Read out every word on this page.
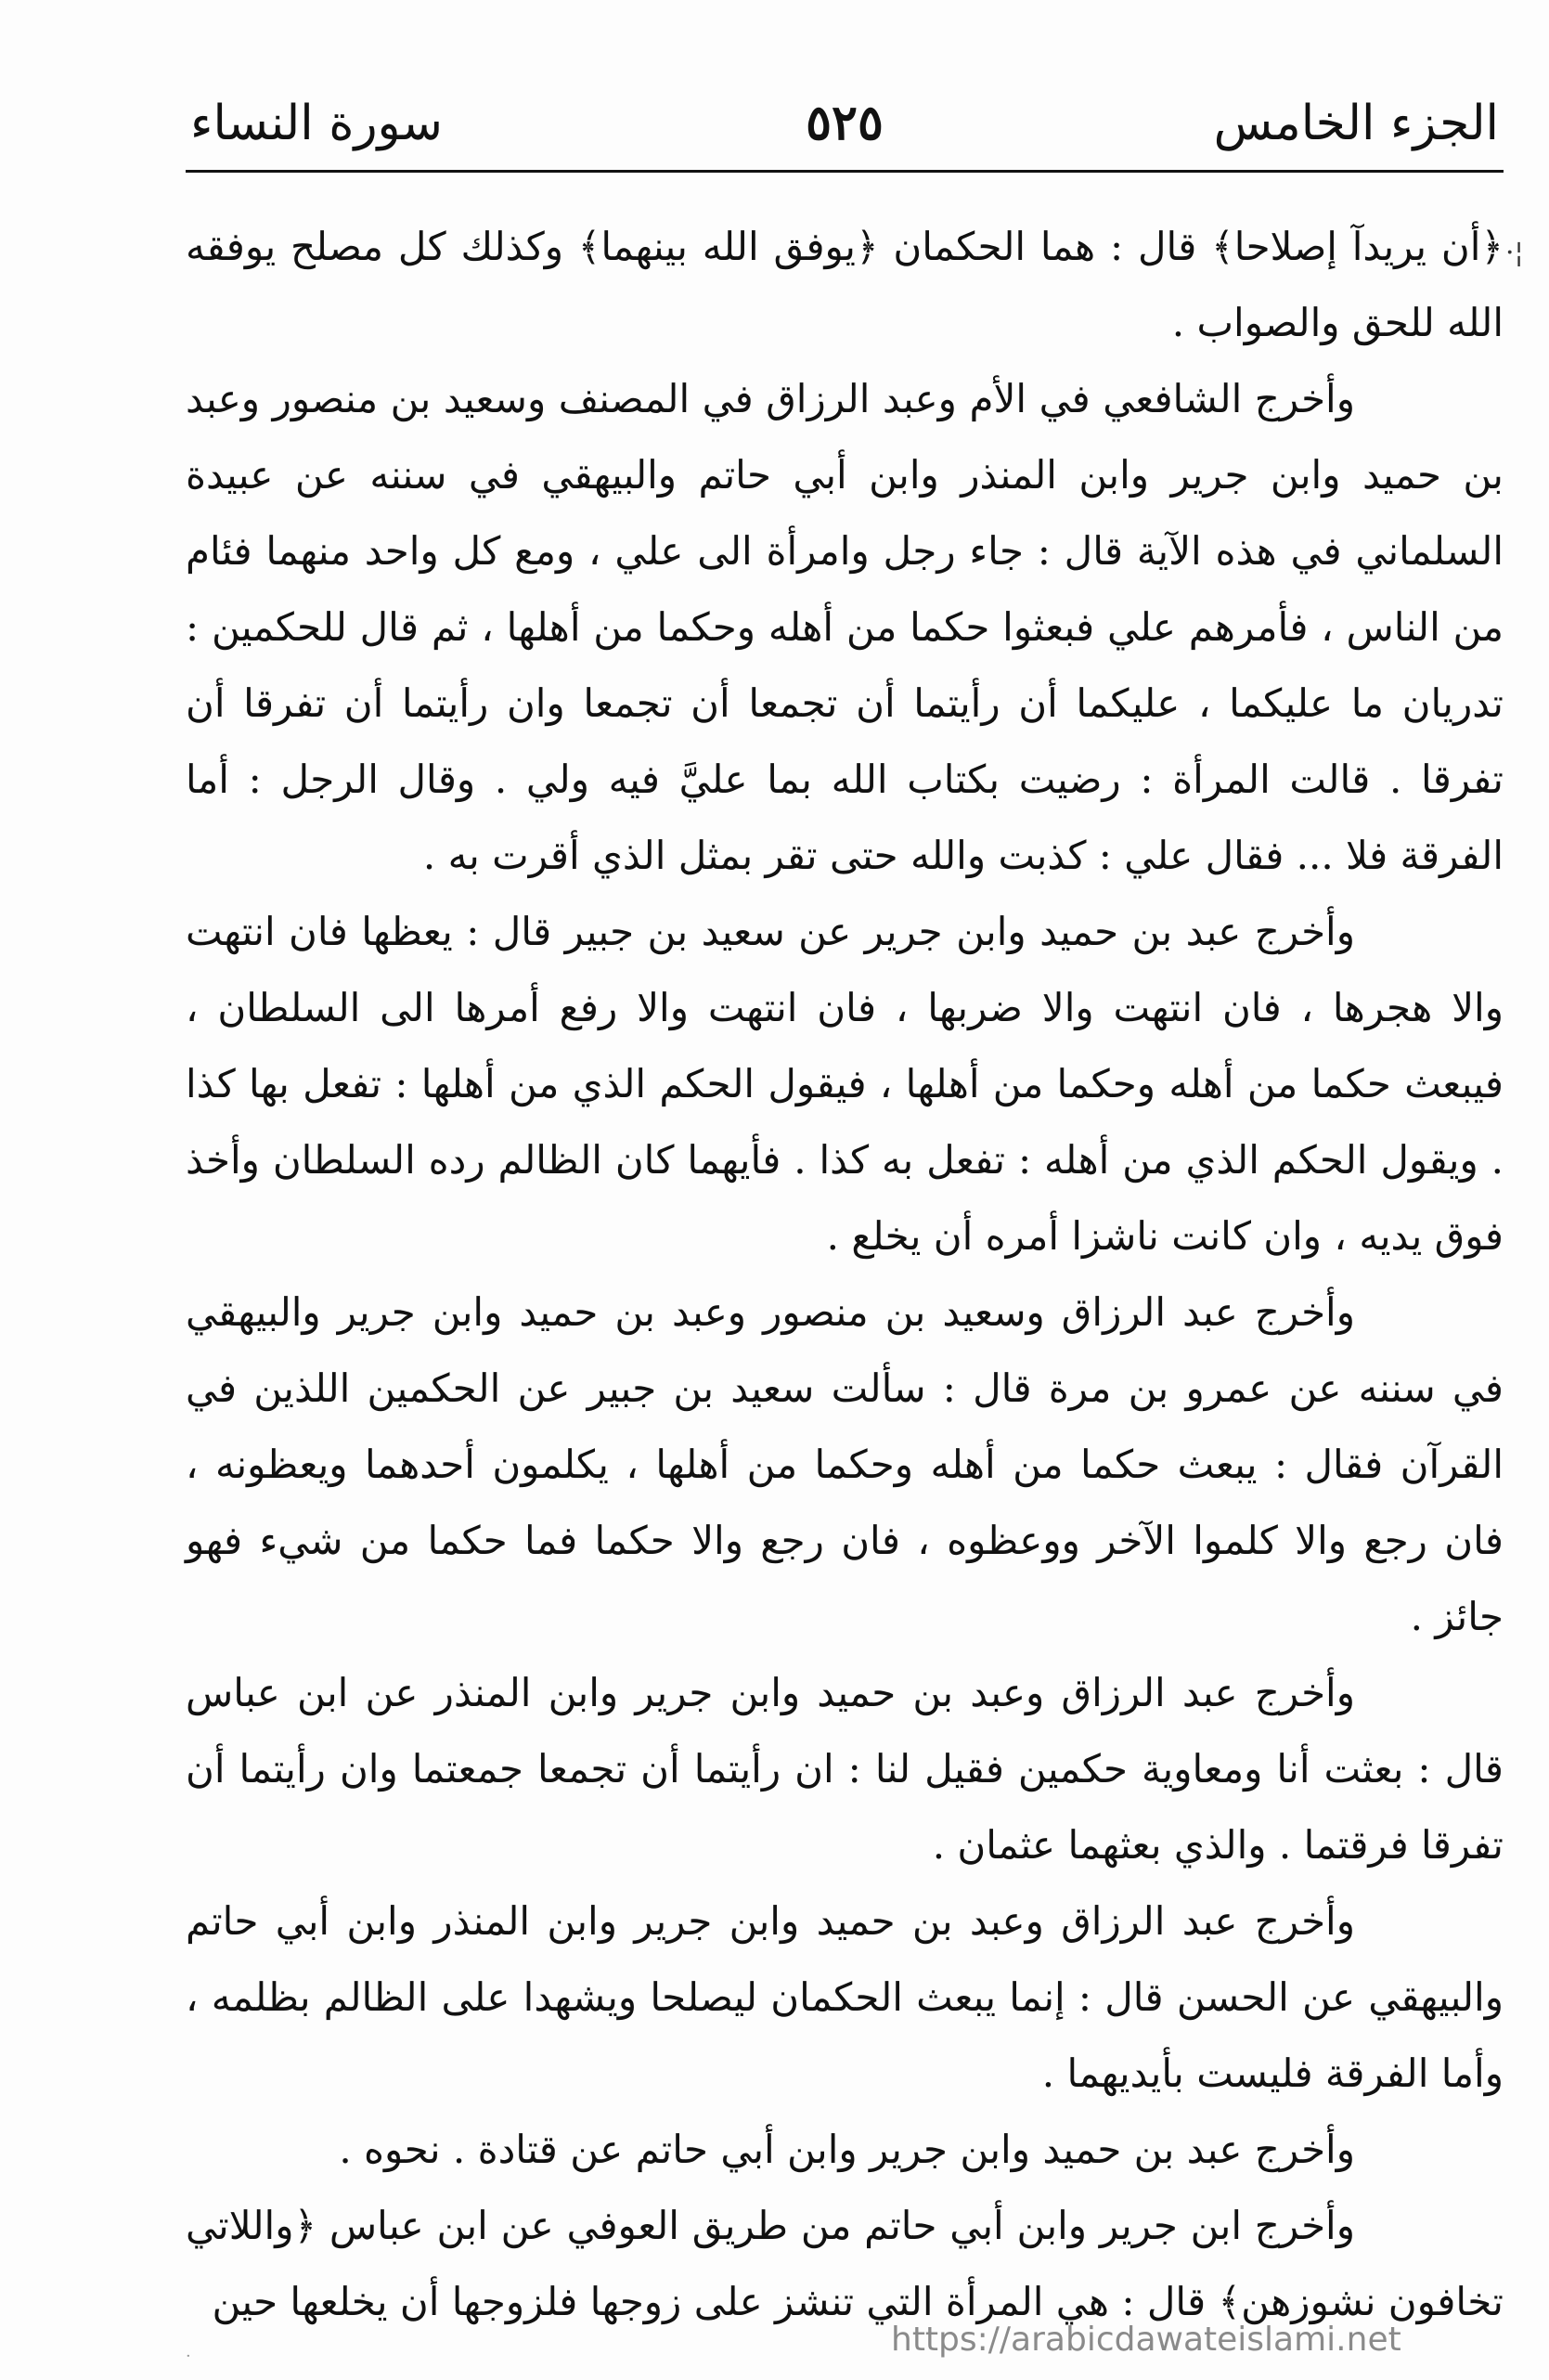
الجزء الخامس
٥٢٥
سورة النساء
·¦

﴿أن يريدآ إصلاحا﴾ قال : هما الحكمان ﴿يوفق الله بينهما﴾ وكذلك كل مصلح يوفقه الله للحق والصواب .

وأخرج الشافعي في الأم وعبد الرزاق في المصنف وسعيد بن منصور وعبد بن حميد وابن جرير وابن المنذر وابن أبي حاتم والبيهقي في سننه عن عبيدة السلماني في هذه الآية قال : جاء رجل وامرأة الى علي ، ومع كل واحد منهما فئام من الناس ، فأمرهم علي فبعثوا حكما من أهله وحكما من أهلها ، ثم قال للحكمين : تدريان ما عليكما ، عليكما أن رأيتما أن تجمعا أن تجمعا وان رأيتما أن تفرقا أن تفرقا . قالت المرأة : رضيت بكتاب الله بما عليَّ فيه ولي . وقال الرجل : أما الفرقة فلا ... فقال علي : كذبت والله حتى تقر بمثل الذي أقرت به .

وأخرج عبد بن حميد وابن جرير عن سعيد بن جبير قال : يعظها فان انتهت والا هجرها ، فان انتهت والا ضربها ، فان انتهت والا رفع أمرها الى السلطان ، فيبعث حكما من أهله وحكما من أهلها ، فيقول الحكم الذي من أهلها : تفعل بها كذا . ويقول الحكم الذي من أهله : تفعل به كذا . فأيهما كان الظالم رده السلطان وأخذ فوق يديه ، وان كانت ناشزا أمره أن يخلع .

وأخرج عبد الرزاق وسعيد بن منصور وعبد بن حميد وابن جرير والبيهقي في سننه عن عمرو بن مرة قال : سألت سعيد بن جبير عن الحكمين اللذين في القرآن فقال : يبعث حكما من أهله وحكما من أهلها ، يكلمون أحدهما ويعظونه ، فان رجع والا كلموا الآخر ووعظوه ، فان رجع والا حكما فما حكما من شيء فهو جائز .

وأخرج عبد الرزاق وعبد بن حميد وابن جرير وابن المنذر عن ابن عباس قال : بعثت أنا ومعاوية حكمين فقيل لنا : ان رأيتما أن تجمعا جمعتما وان رأيتما أن تفرقا فرقتما . والذي بعثهما عثمان .

وأخرج عبد الرزاق وعبد بن حميد وابن جرير وابن المنذر وابن أبي حاتم والبيهقي عن الحسن قال : إنما يبعث الحكمان ليصلحا ويشهدا على الظالم بظلمه ، وأما الفرقة فليست بأيديهما .

وأخرج عبد بن حميد وابن جرير وابن أبي حاتم عن قتادة . نحوه .

وأخرج ابن جرير وابن أبي حاتم من طريق العوفي عن ابن عباس ﴿واللاتي تخافون نشوزهن﴾ قال : هي المرأة التي تنشز على زوجها فلزوجها أن يخلعها حين

https://arabicdawateislami.net
·
